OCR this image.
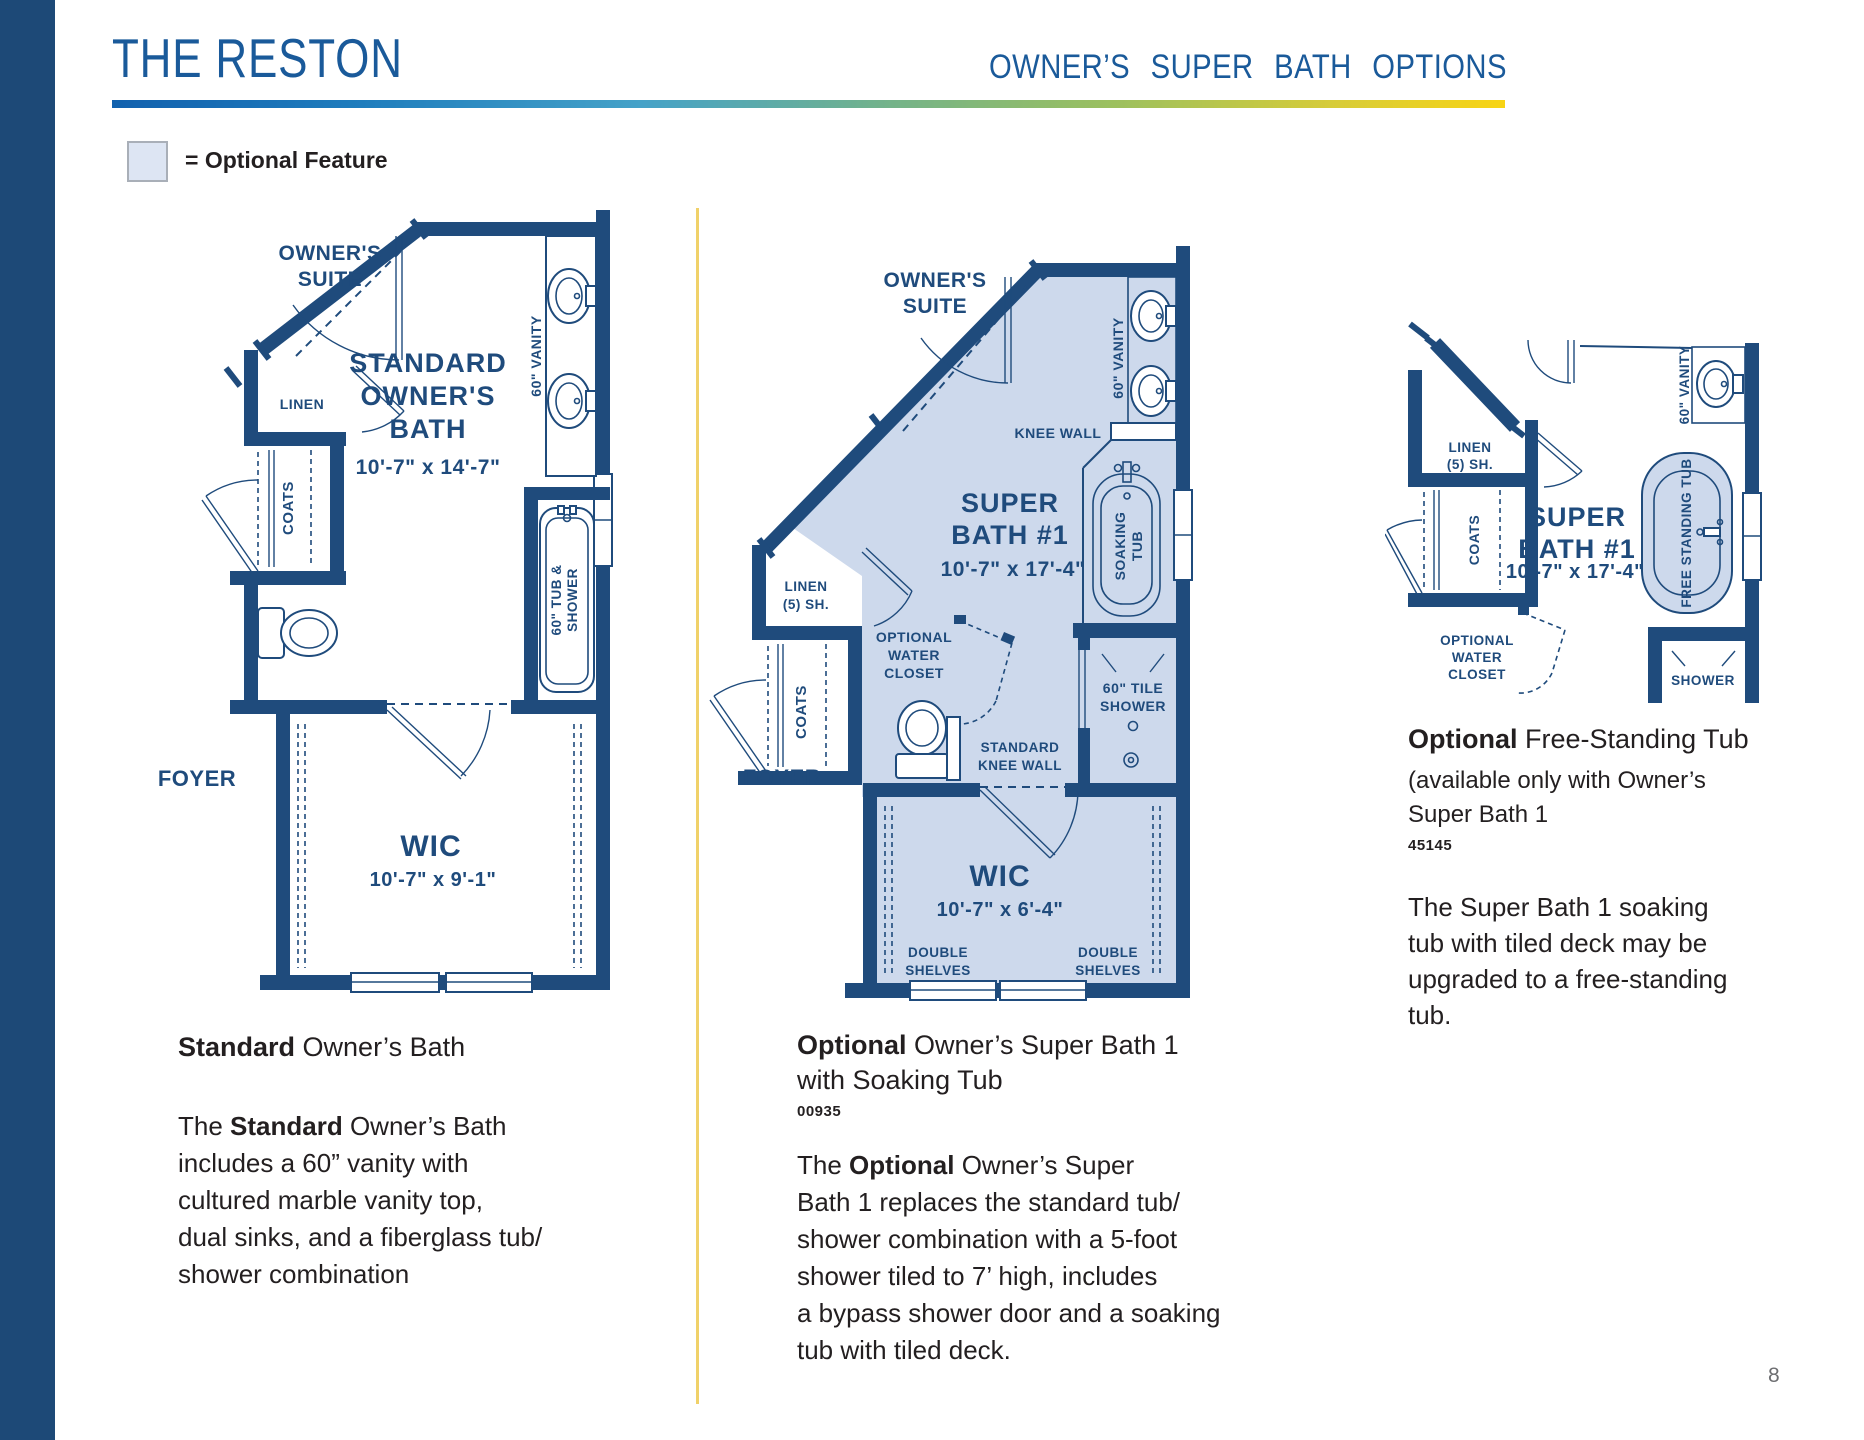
THE RESTON	OWNER’S SUPER BATH OPTIONS
= Optional Feature
OWNER'S
SUITE
60" VANITY
STANDARD
OWNER'S
BATH
10'-7" x 14'-7"
LINEN
COATS
60" TUB & SHOWER
FOYER
WIC
10'-7" x 9'-1"
OWNER'S
SUITE
60" VANITY
KNEE WALL
LINEN
(5) SH.
SUPER
BATH #1
10'-7" x 17'-4" SOAKING TUB
COATS
OPTIONAL
WATER
CLOSET
60" TILE
SHOWER
STANDARD
KNEE WALL
FOYER
WIC
10'-7" x 6'-4"
DOUBLE
SHELVES
DOUBLE
SHELVES
LINEN
(5) SH.
COATS SUPER
BATH #1
10'-7" x 17'-4"	FREE STANDING TUB
60" VANITY
OPTIONAL
WATER
CLOSET	SHOWER
Standard Owner’s Bath
The Standard Owner’s Bath
includes a 60” vanity with
cultured marble vanity top,
dual sinks, and a fiberglass tub/
shower combination
Optional Owner’s Super Bath 1
with Soaking Tub
00935
The Optional Owner’s Super
Bath 1 replaces the standard tub/
shower combination with a 5-foot
shower tiled to 7’ high, includes
a bypass shower door and a soaking
tub with tiled deck.
Optional Free-Standing Tub
(available only with Owner’s
Super Bath 1
45145
The Super Bath 1 soaking
tub with tiled deck may be
upgraded to a free-standing
tub.
8
